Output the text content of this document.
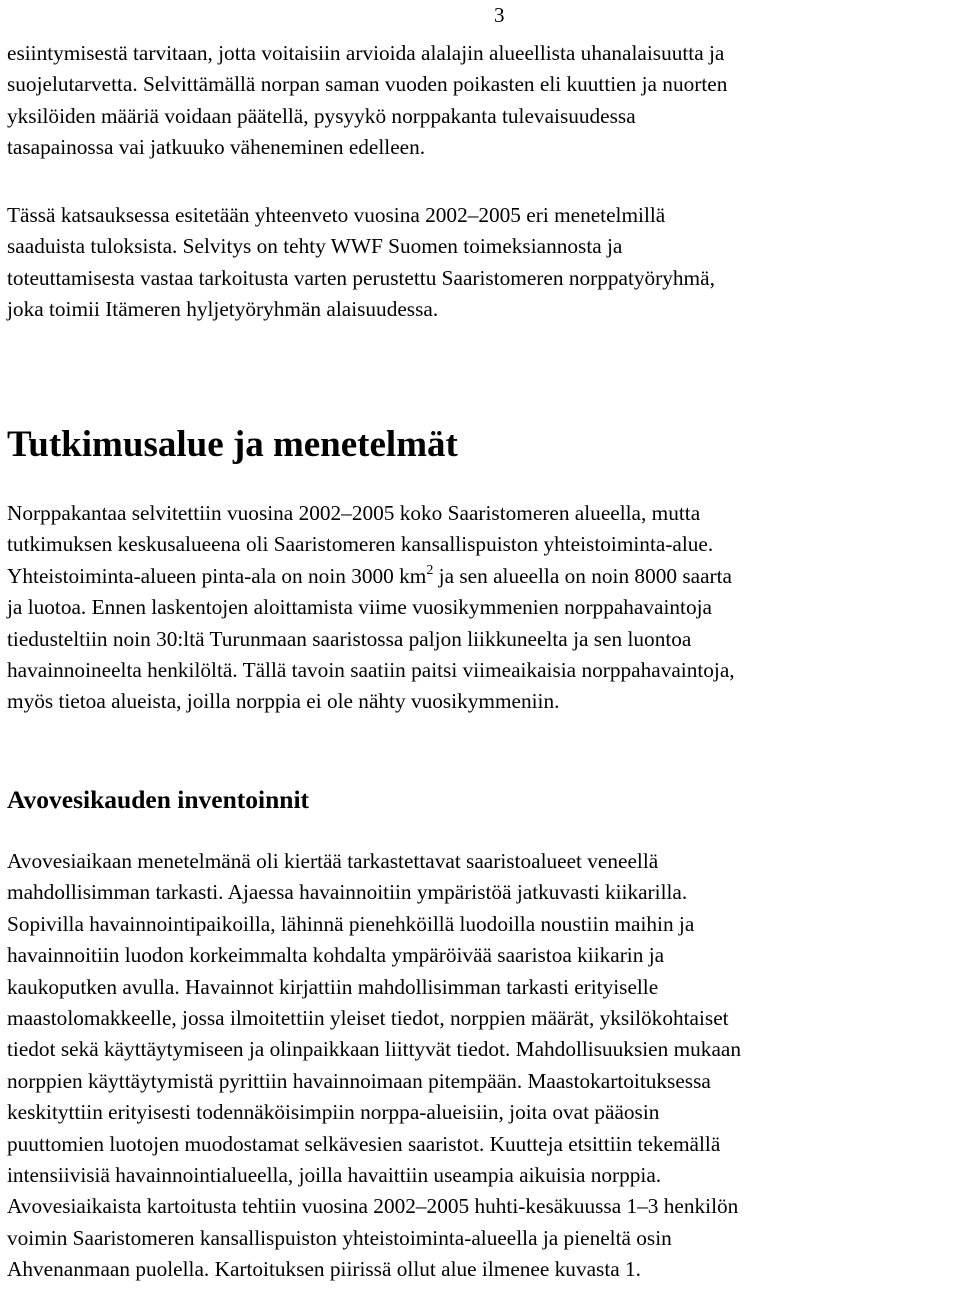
3

esiintymisestä tarvitaan, jotta voitaisiin arvioida alalajin alueellista uhanalaisuutta ja
suojelutarvetta. Selvittämällä norpan saman vuoden poikasten eli kuuttien ja nuorten
yksilöiden määriä voidaan päätellä, pysyykö norppakanta tulevaisuudessa
tasapainossa vai jatkuuko väheneminen edelleen.

Tässä katsauksessa esitetään yhteenveto vuosina 2002–2005 eri menetelmillä
saaduista tuloksista. Selvitys on tehty WWF Suomen toimeksiannosta ja
toteuttamisesta vastaa tarkoitusta varten perustettu Saaristomeren norppatyöryhmä,
joka toimii Itämeren hyljetyöryhmän alaisuudessa.

Tutkimusalue ja menetelmät

Norppakantaa selvitettiin vuosina 2002–2005 koko Saaristomeren alueella, mutta
tutkimuksen keskusalueena oli Saaristomeren kansallispuiston yhteistoiminta-alue.
Yhteistoiminta-alueen pinta-ala on noin 3000 $km^2$ ja sen alueella on noin 8000 saarta
ja luotoa. Ennen laskentojen aloittamista viime vuosikymmenien norppahavaintoja
tiedusteltiin noin 30:ltä Turunmaan saaristossa paljon liikkuneelta ja sen luontoa
havainnoineelta henkilöltä. Tällä tavoin saatiin paitsi viimeaikaisia norppahavaintoja,
myös tietoa alueista, joilla norppia ei ole nähty vuosikymmeniin.

Avovesikauden inventoinnit

Avovesiaikaan menetelmänä oli kiertää tarkastettavat saaristoalueet veneellä
mahdollisimman tarkasti. Ajaessa havainnoitiin ympäristöä jatkuvasti kiikarilla.
Sopivilla havainnointipaikoilla, lähinnä pienehköillä luodoilla noustiin maihin ja
havainnoitiin luodon korkeimmalta kohdalta ympäröivää saaristoa kiikarin ja
kaukoputken avulla. Havainnot kirjattiin mahdollisimman tarkasti erityiselle
maastolomakkeelle, jossa ilmoitettiin yleiset tiedot, norppien määrät, yksilökohtaiset
tiedot sekä käyttäytymiseen ja olinpaikkaan liittyvät tiedot. Mahdollisuuksien mukaan
norppien käyttäytymistä pyrittiin havainnoimaan pitempään. Maastokartoituksessa
keskityttiin erityisesti todennäköisimpiin norppa-alueisiin, joita ovat pääosin
puuttomien luotojen muodostamat selkävesien saaristot. Kuutteja etsittiin tekemällä
intensiivisiä havainnointialueella, joilla havaittiin useampia aikuisia norppia.
Avovesiaikaista kartoitusta tehtiin vuosina 2002–2005 huhti-kesäkuussa 1–3 henkilön
voimin Saaristomeren kansallispuiston yhteistoiminta-alueella ja pieneltä osin
Ahvenanmaan puolella. Kartoituksen piirissä ollut alue ilmenee kuvasta 1.
